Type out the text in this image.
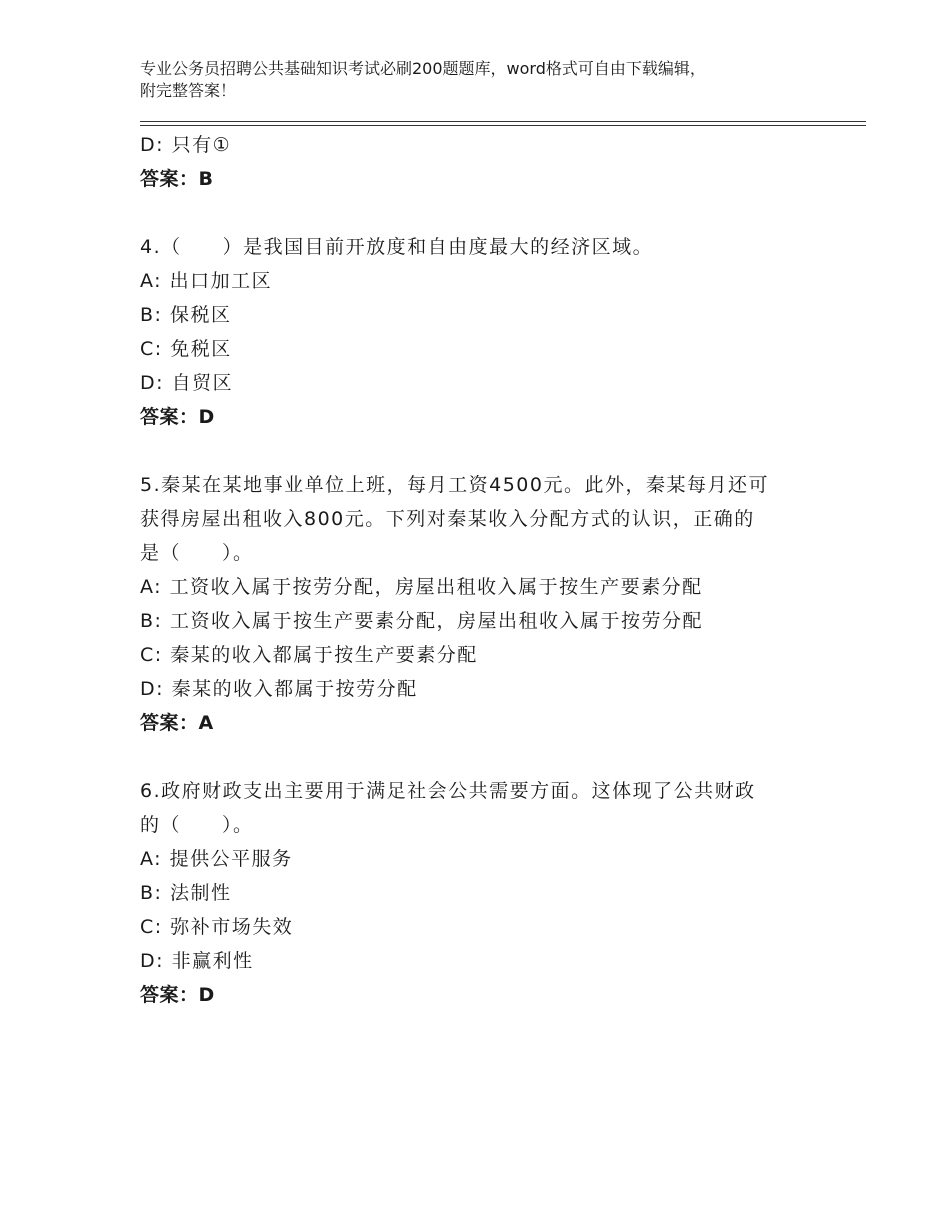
专业公务员招聘公共基础知识考试必刷200题题库，word格式可自由下载编辑，
附完整答案！
D: 只有①
答案：B
4.（　　）是我国目前开放度和自由度最大的经济区域。
A: 出口加工区
B: 保税区
C: 免税区
D: 自贸区
答案：D
5.秦某在某地事业单位上班，每月工资4500元。此外，秦某每月还可
获得房屋出租收入800元。下列对秦某收入分配方式的认识，正确的
是（　　）。
A: 工资收入属于按劳分配，房屋出租收入属于按生产要素分配
B: 工资收入属于按生产要素分配，房屋出租收入属于按劳分配
C: 秦某的收入都属于按生产要素分配
D: 秦某的收入都属于按劳分配
答案：A
6.政府财政支出主要用于满足社会公共需要方面。这体现了公共财政
的（　　）。
A: 提供公平服务
B: 法制性
C: 弥补市场失效
D: 非赢利性
答案：D
